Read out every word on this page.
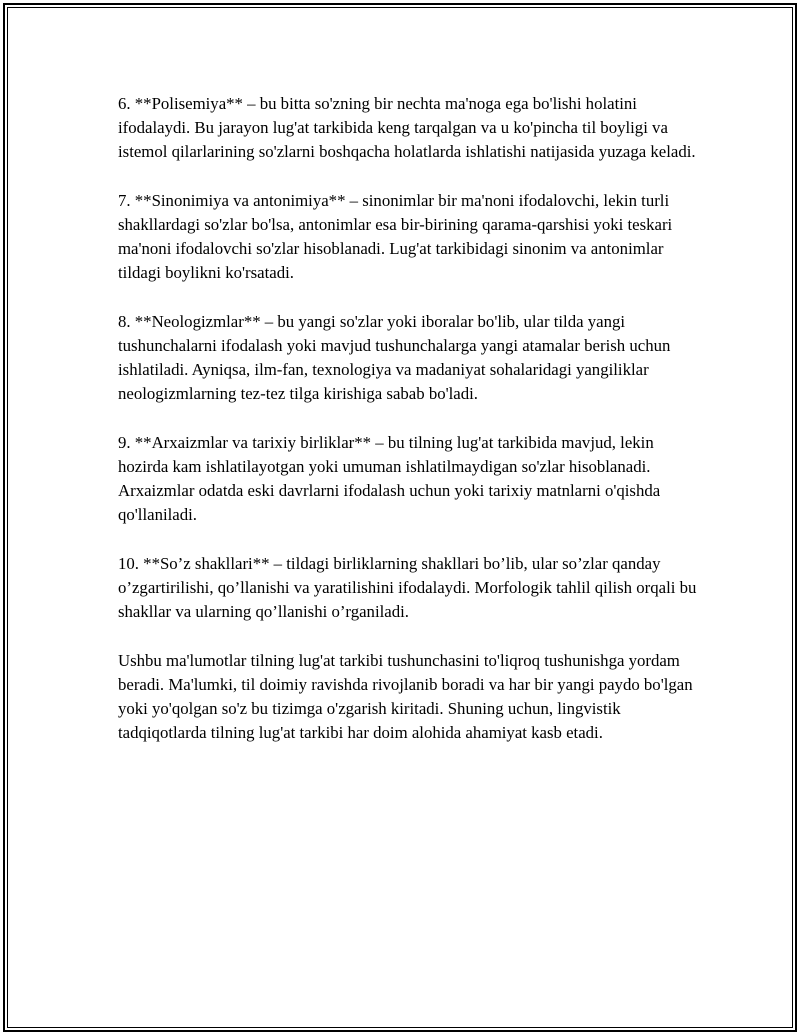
6. **Polisemiya** – bu bitta so'zning bir nechta ma'noga ega bo'lishi holatini ifodalaydi. Bu jarayon lug'at tarkibida keng tarqalgan va u ko'pincha til boyligi va istemol qilarlarining so'zlarni boshqacha holatlarda ishlatishi natijasida yuzaga keladi.

7. **Sinonimiya va antonimiya** – sinonimlar bir ma'noni ifodalovchi, lekin turli shakllardagi so'zlar bo'lsa, antonimlar esa bir-birining qarama-qarshisi yoki teskari ma'noni ifodalovchi so'zlar hisoblanadi. Lug'at tarkibidagi sinonim va antonimlar tildagi boylikni ko'rsatadi.

8. **Neologizmlar** – bu yangi so'zlar yoki iboralar bo'lib, ular tilda yangi tushunchalarni ifodalash yoki mavjud tushunchalarga yangi atamalar berish uchun ishlatiladi. Ayniqsa, ilm-fan, texnologiya va madaniyat sohalaridagi yangiliklar neologizmlarning tez-tez tilga kirishiga sabab bo'ladi.

9. **Arxaizmlar va tarixiy birliklar** – bu tilning lug'at tarkibida mavjud, lekin hozirda kam ishlatilayotgan yoki umuman ishlatilmaydigan so'zlar hisoblanadi. Arxaizmlar odatda eski davrlarni ifodalash uchun yoki tarixiy matnlarni o'qishda qo'llaniladi.

10. **So’z shakllari** – tildagi birliklarning shakllari bo’lib, ular so’zlar qanday o’zgartirilishi, qo’llanishi va yaratilishini ifodalaydi. Morfologik tahlil qilish orqali bu shakllar va ularning qo’llanishi o’rganiladi.

Ushbu ma'lumotlar tilning lug'at tarkibi tushunchasini to'liqroq tushunishga yordam beradi. Ma'lumki, til doimiy ravishda rivojlanib boradi va har bir yangi paydo bo'lgan yoki yo'qolgan so'z bu tizimga o'zgarish kiritadi. Shuning uchun, lingvistik tadqiqotlarda tilning lug'at tarkibi har doim alohida ahamiyat kasb etadi.
